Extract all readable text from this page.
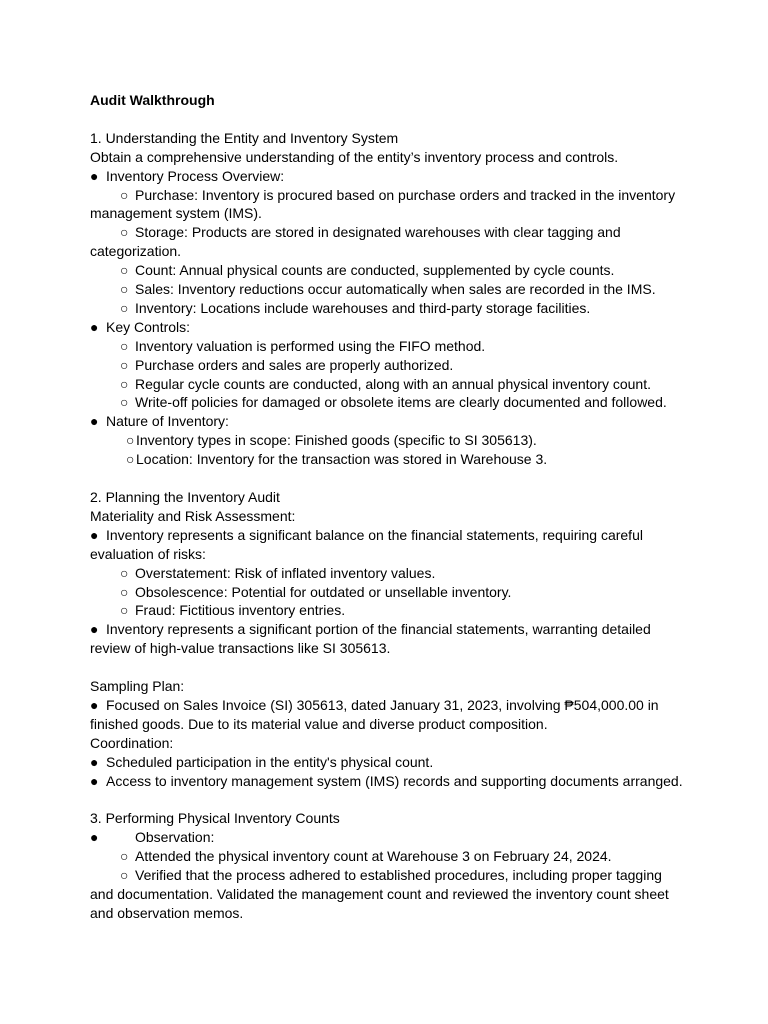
Audit Walkthrough
1. Understanding the Entity and Inventory System
Obtain a comprehensive understanding of the entity’s inventory process and controls.
● Inventory Process Overview:
○ Purchase: Inventory is procured based on purchase orders and tracked in the inventory
management system (IMS).
○ Storage: Products are stored in designated warehouses with clear tagging and
categorization.
○ Count: Annual physical counts are conducted, supplemented by cycle counts.
○ Sales: Inventory reductions occur automatically when sales are recorded in the IMS.
○ Inventory: Locations include warehouses and third-party storage facilities.
● Key Controls:
○ Inventory valuation is performed using the FIFO method.
○ Purchase orders and sales are properly authorized.
○ Regular cycle counts are conducted, along with an annual physical inventory count.
○ Write-off policies for damaged or obsolete items are clearly documented and followed.
● Nature of Inventory:
○ Inventory types in scope: Finished goods (specific to SI 305613).
○ Location: Inventory for the transaction was stored in Warehouse 3.
2. Planning the Inventory Audit
Materiality and Risk Assessment:
● Inventory represents a significant balance on the financial statements, requiring careful
evaluation of risks:
○ Overstatement: Risk of inflated inventory values.
○ Obsolescence: Potential for outdated or unsellable inventory.
○ Fraud: Fictitious inventory entries.
● Inventory represents a significant portion of the financial statements, warranting detailed
review of high-value transactions like SI 305613.
Sampling Plan:
● Focused on Sales Invoice (SI) 305613, dated January 31, 2023, involving ₱504,000.00 in
finished goods. Due to its material value and diverse product composition.
Coordination:
● Scheduled participation in the entity's physical count.
● Access to inventory management system (IMS) records and supporting documents arranged.
3. Performing Physical Inventory Counts
●	Observation:
○ Attended the physical inventory count at Warehouse 3 on February 24, 2024.
○ Verified that the process adhered to established procedures, including proper tagging
and documentation. Validated the management count and reviewed the inventory count sheet
and observation memos.
